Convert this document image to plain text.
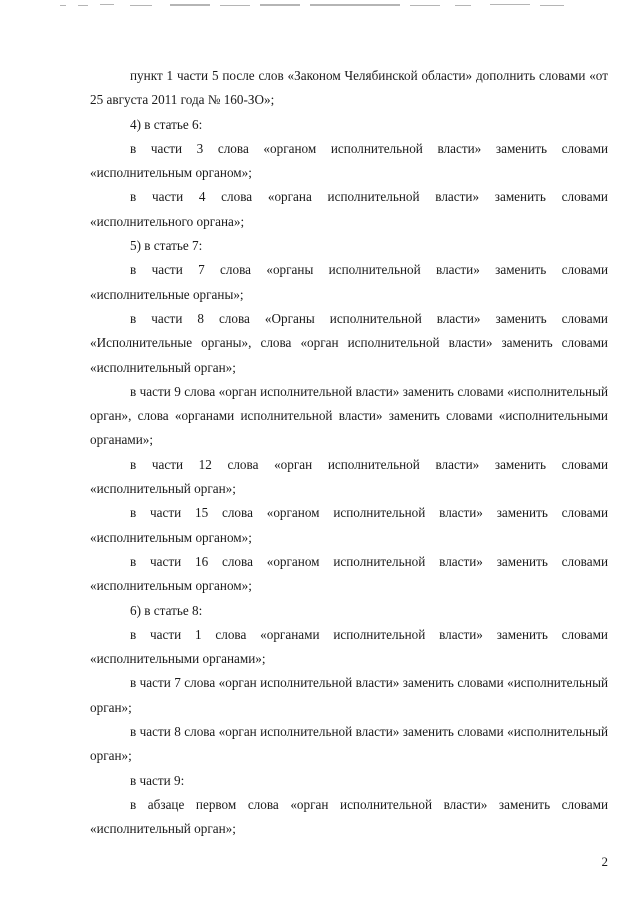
пункт 1 части 5 после слов «Законом Челябинской области» дополнить словами «от 25 августа 2011 года № 160-ЗО»;

4) в статье 6:

в части 3 слова «органом исполнительной власти» заменить словами «исполнительным органом»;

в части 4 слова «органа исполнительной власти» заменить словами «исполнительного органа»;

5) в статье 7:

в части 7 слова «органы исполнительной власти» заменить словами «исполнительные органы»;

в части 8 слова «Органы исполнительной власти» заменить словами «Исполнительные органы», слова «орган исполнительной власти» заменить словами «исполнительный орган»;

в части 9 слова «орган исполнительной власти» заменить словами «исполнительный орган», слова «органами исполнительной власти» заменить словами «исполнительными органами»;

в части 12 слова «орган исполнительной власти» заменить словами «исполнительный орган»;

в части 15 слова «органом исполнительной власти» заменить словами «исполнительным органом»;

в части 16 слова «органом исполнительной власти» заменить словами «исполнительным органом»;

6) в статье 8:

в части 1 слова «органами исполнительной власти» заменить словами «исполнительными органами»;

в части 7 слова «орган исполнительной власти» заменить словами «исполнительный орган»;

в части 8 слова «орган исполнительной власти» заменить словами «исполнительный орган»;

в части 9:

в абзаце первом слова «орган исполнительной власти» заменить словами «исполнительный орган»;

2
